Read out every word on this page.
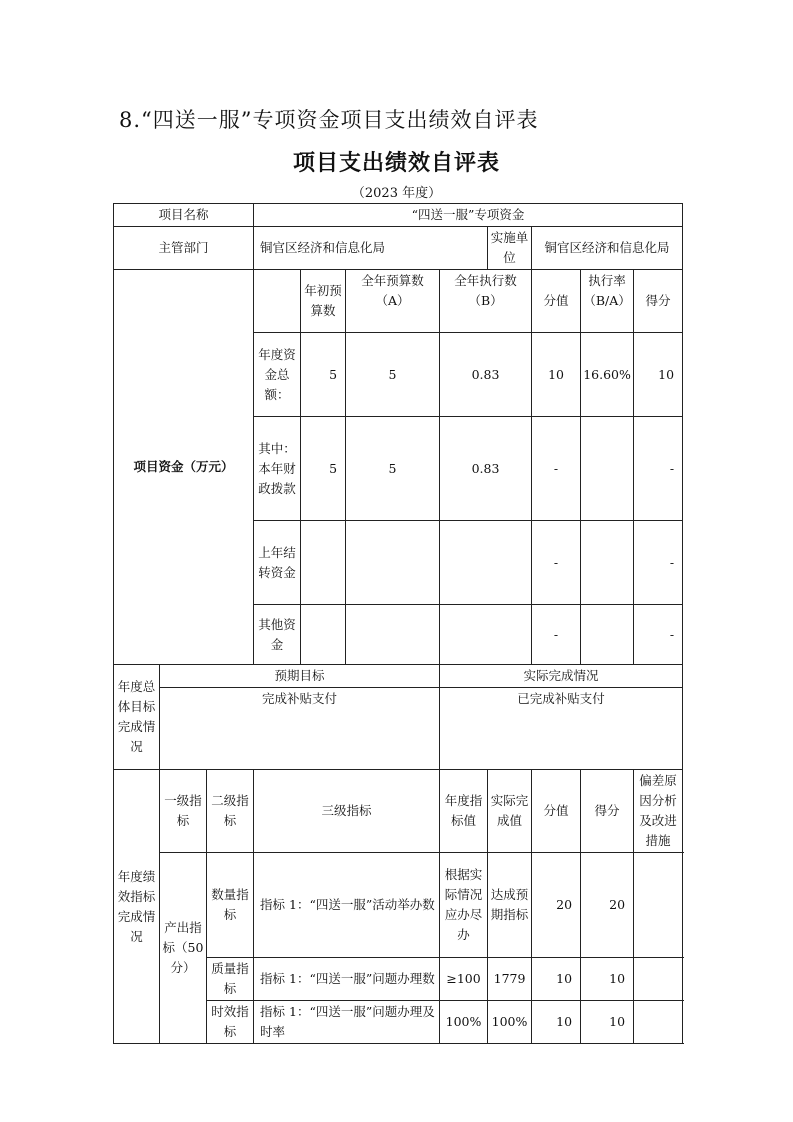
8.“四送一服”专项资金项目支出绩效自评表
项目支出绩效自评表
（2023 年度）
项目名称			“四送一服”专项资金							
主管部门			铜官区经济和信息化局				实施单位	铜官区经济和信息化局		
项目资金（万元）				年初预算数	全年预算数（A）	全年执行数（B）		分值	执行率（B/A）	得分
			年度资金总额：	5	5	0.83		10	16.60%	10
			其中：本年财政拨款	5	5	0.83		-		-
			上年结转资金					-		-
			其他资金					-		-
年度总体目标完成情况	预期目标					实际完成情况				
	完成补贴支付					已完成补贴支付				
年度绩效指标完成情况	一级指标	二级指标	三级指标			年度指标值	实际完成值	分值	得分	偏差原因分析及改进措施
	产出指标（50分）	数量指标	指标 1：“四送一服”活动举办数			根据实际情况应办尽办	达成预期指标	20	20	
		质量指标	指标 1：“四送一服”问题办理数			≥100	1779	10	10	
		时效指标	指标 1：“四送一服”问题办理及时率			100%	100%	10	10	
